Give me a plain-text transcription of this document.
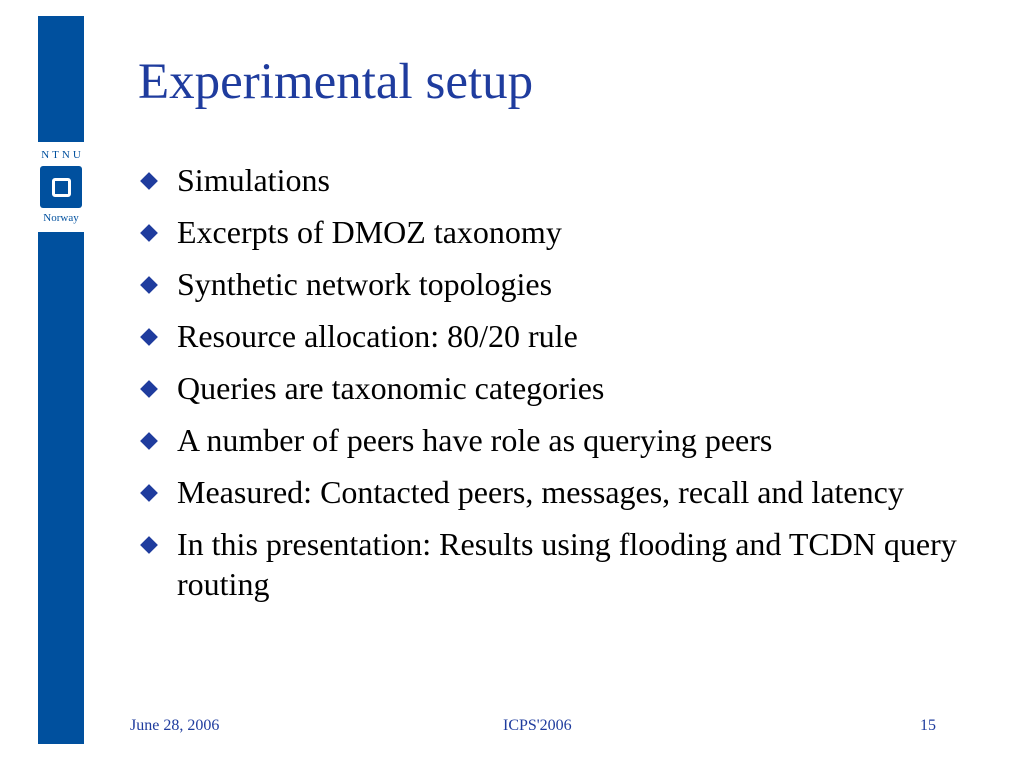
NTNU
Norway
Experimental setup
Simulations
Excerpts of DMOZ taxonomy
Synthetic network topologies
Resource allocation: 80/20 rule
Queries are taxonomic categories
A number of peers have role as querying peers
Measured: Contacted peers, messages, recall and latency
In this presentation: Results using flooding and TCDN query routing
June 28, 2006	ICPS'2006	15
